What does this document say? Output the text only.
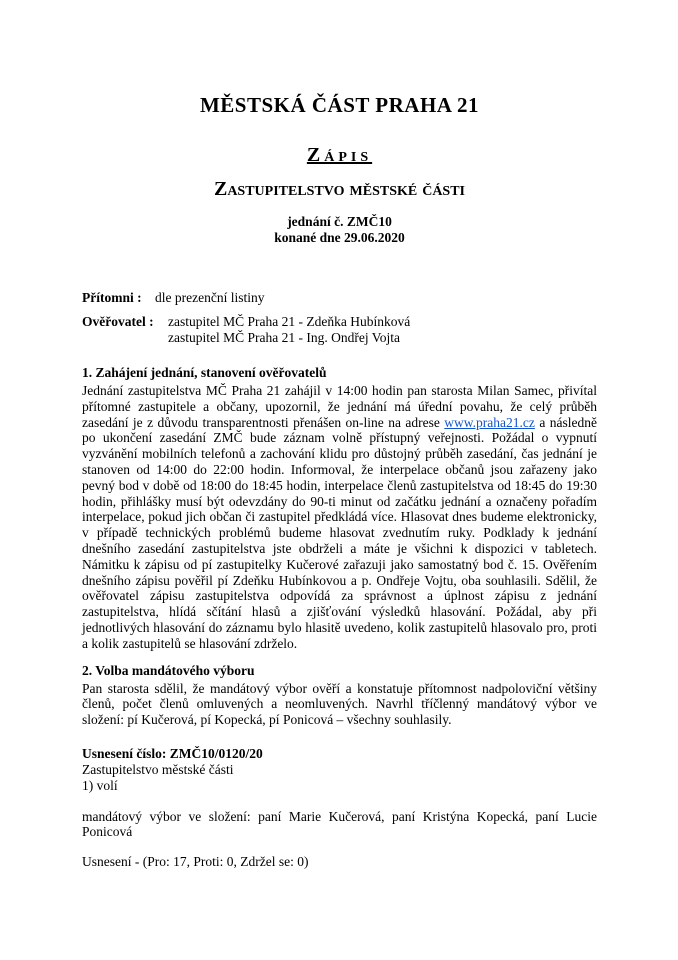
MĚSTSKÁ ČÁST PRAHA 21
Zápis
Zastupitelstvo městské části
jednání č. ZMČ10
konané dne 29.06.2020
Přítomni : dle prezenční listiny
Ověřovatel :	zastupitel MČ Praha 21 - Zdeňka Hubínková
zastupitel MČ Praha 21 - Ing. Ondřej Vojta
1. Zahájení jednání, stanovení ověřovatelů

Jednání zastupitelstva MČ Praha 21 zahájil v 14:00 hodin pan starosta Milan Samec, přivítal přítomné zastupitele a občany, upozornil, že jednání má úřední povahu, že celý průběh zasedání je z důvodu transparentnosti přenášen on-line na adrese www.praha21.cz a následně po ukončení zasedání ZMČ bude záznam volně přístupný veřejnosti. Požádal o vypnutí vyzvánění mobilních telefonů a zachování klidu pro důstojný průběh zasedání, čas jednání je stanoven od 14:00 do 22:00 hodin. Informoval, že interpelace občanů jsou zařazeny jako pevný bod v době od 18:00 do 18:45 hodin, interpelace členů zastupitelstva od 18:45 do 19:30 hodin, přihlášky musí být odevzdány do 90-ti minut od začátku jednání a označeny pořadím interpelace, pokud jich občan či zastupitel předkládá více. Hlasovat dnes budeme elektronicky, v případě technických problémů budeme hlasovat zvednutím ruky. Podklady k jednání dnešního zasedání zastupitelstva jste obdrželi a máte je všichni k dispozici v tabletech. Námitku k zápisu od pí zastupitelky Kučerové zařazuji jako samostatný bod č. 15. Ověřením dnešního zápisu pověřil pí Zdeňku Hubínkovou a p. Ondřeje Vojtu, oba souhlasili. Sdělil, že ověřovatel zápisu zastupitelstva odpovídá za správnost a úplnost zápisu z jednání zastupitelstva, hlídá sčítání hlasů a zjišťování výsledků hlasování. Požádal, aby při jednotlivých hlasování do záznamu bylo hlasitě uvedeno, kolik zastupitelů hlasovalo pro, proti a kolik zastupitelů se hlasování zdrželo.

2. Volba mandátového výboru

Pan starosta sdělil, že mandátový výbor ověří a konstatuje přítomnost nadpoloviční většiny členů, počet členů omluvených a neomluvených. Navrhl tříčlenný mandátový výbor ve složení: pí Kučerová, pí Kopecká, pí Ponicová – všechny souhlasily.

Usnesení číslo: ZMČ10/0120/20
Zastupitelstvo městské části
1) volí

mandátový výbor ve složení: paní Marie Kučerová, paní Kristýna Kopecká, paní Lucie Ponicová

Usnesení - (Pro: 17, Proti: 0, Zdržel se: 0)
